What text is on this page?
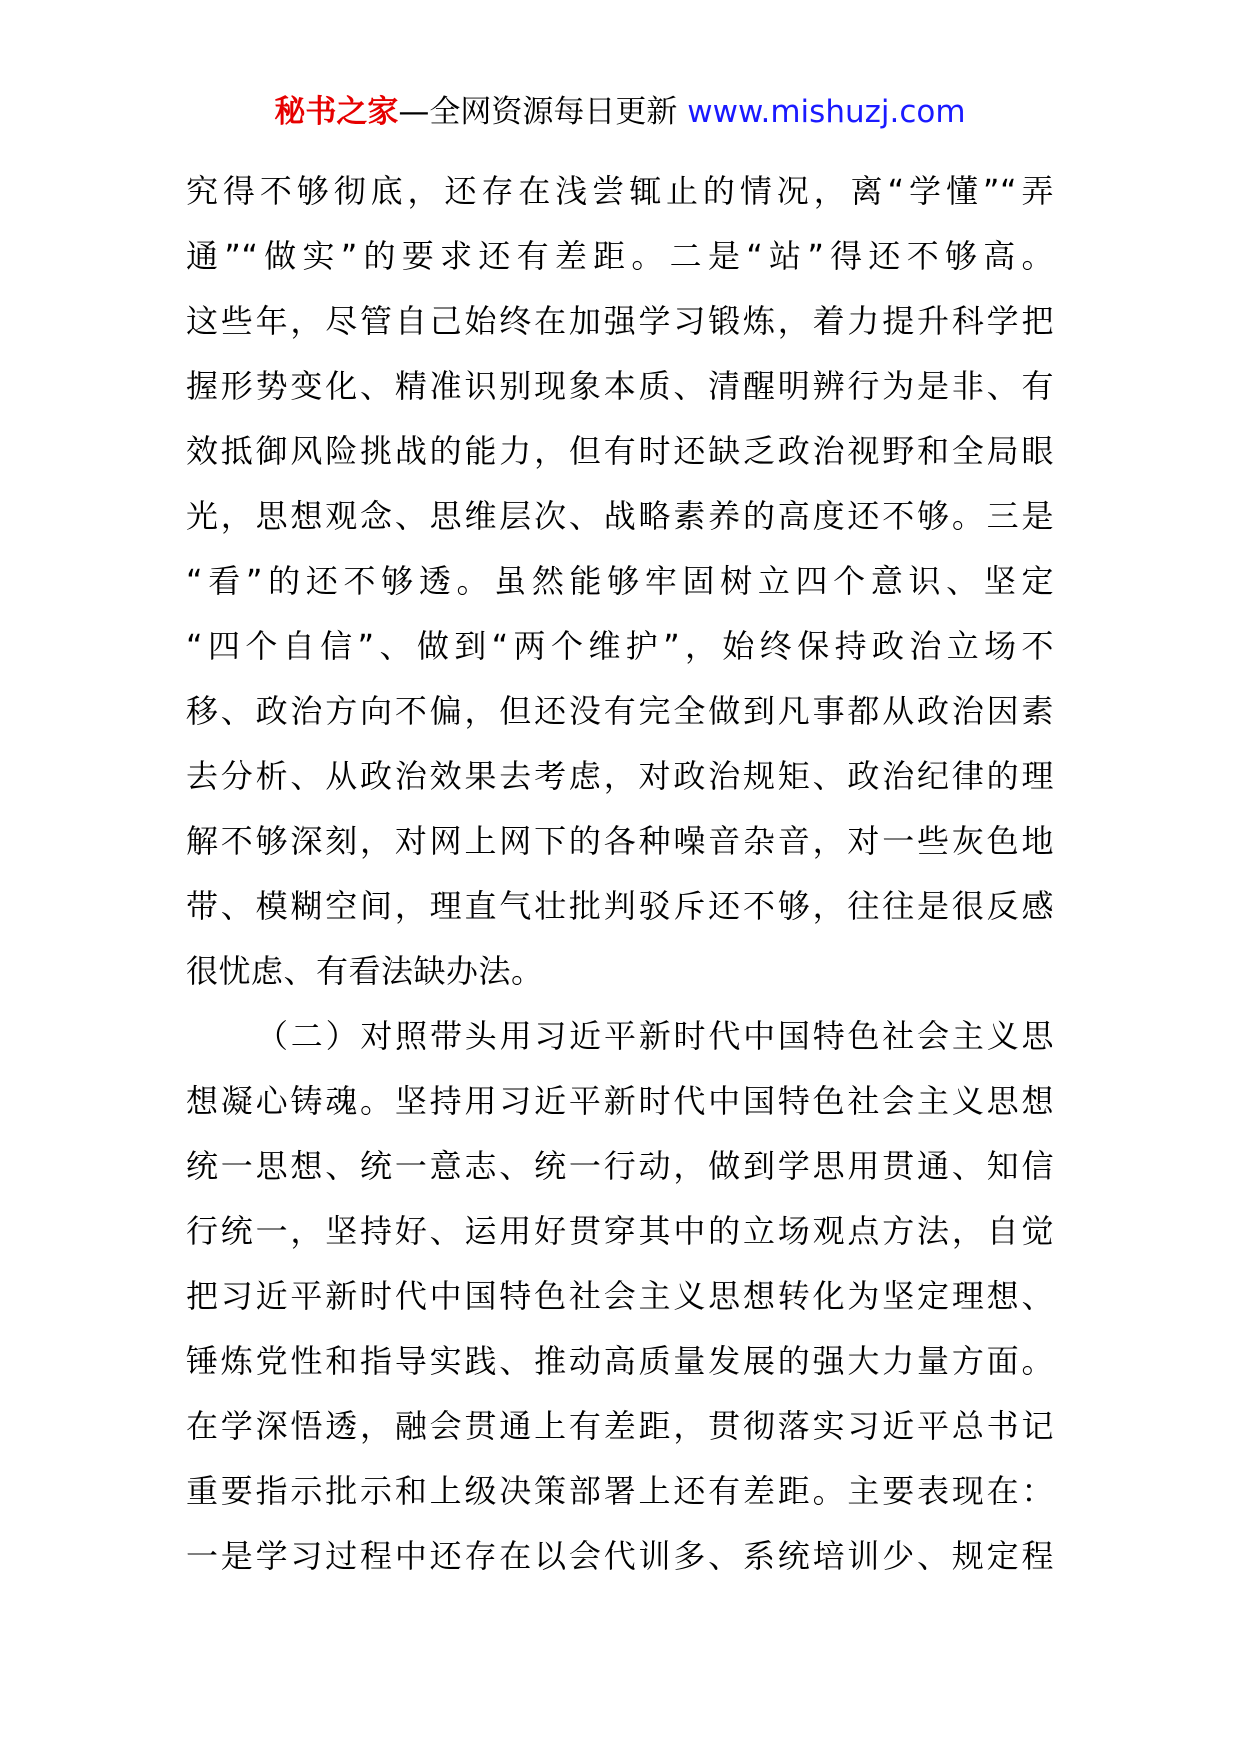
秘书之家—全网资源每日更新 www.mishuzj.com
究得不够彻底，还存在浅尝辄止的情况，离“学懂”“弄
通”“做实”的要求还有差距。二是“站”得还不够高。
这些年，尽管自己始终在加强学习锻炼，着力提升科学把
握形势变化、精准识别现象本质、清醒明辨行为是非、有
效抵御风险挑战的能力，但有时还缺乏政治视野和全局眼
光，思想观念、思维层次、战略素养的高度还不够。三是
“看”的还不够透。虽然能够牢固树立四个意识、坚定
“四个自信”、做到“两个维护”，始终保持政治立场不
移、政治方向不偏，但还没有完全做到凡事都从政治因素
去分析、从政治效果去考虑，对政治规矩、政治纪律的理
解不够深刻，对网上网下的各种噪音杂音，对一些灰色地
带、模糊空间，理直气壮批判驳斥还不够，往往是很反感
很忧虑、有看法缺办法。
（二）对照带头用习近平新时代中国特色社会主义思
想凝心铸魂。坚持用习近平新时代中国特色社会主义思想
统一思想、统一意志、统一行动，做到学思用贯通、知信
行统一，坚持好、运用好贯穿其中的立场观点方法，自觉
把习近平新时代中国特色社会主义思想转化为坚定理想、
锤炼党性和指导实践、推动高质量发展的强大力量方面。
在学深悟透，融会贯通上有差距，贯彻落实习近平总书记
重要指示批示和上级决策部署上还有差距。主要表现在：
一是学习过程中还存在以会代训多、系统培训少、规定程
